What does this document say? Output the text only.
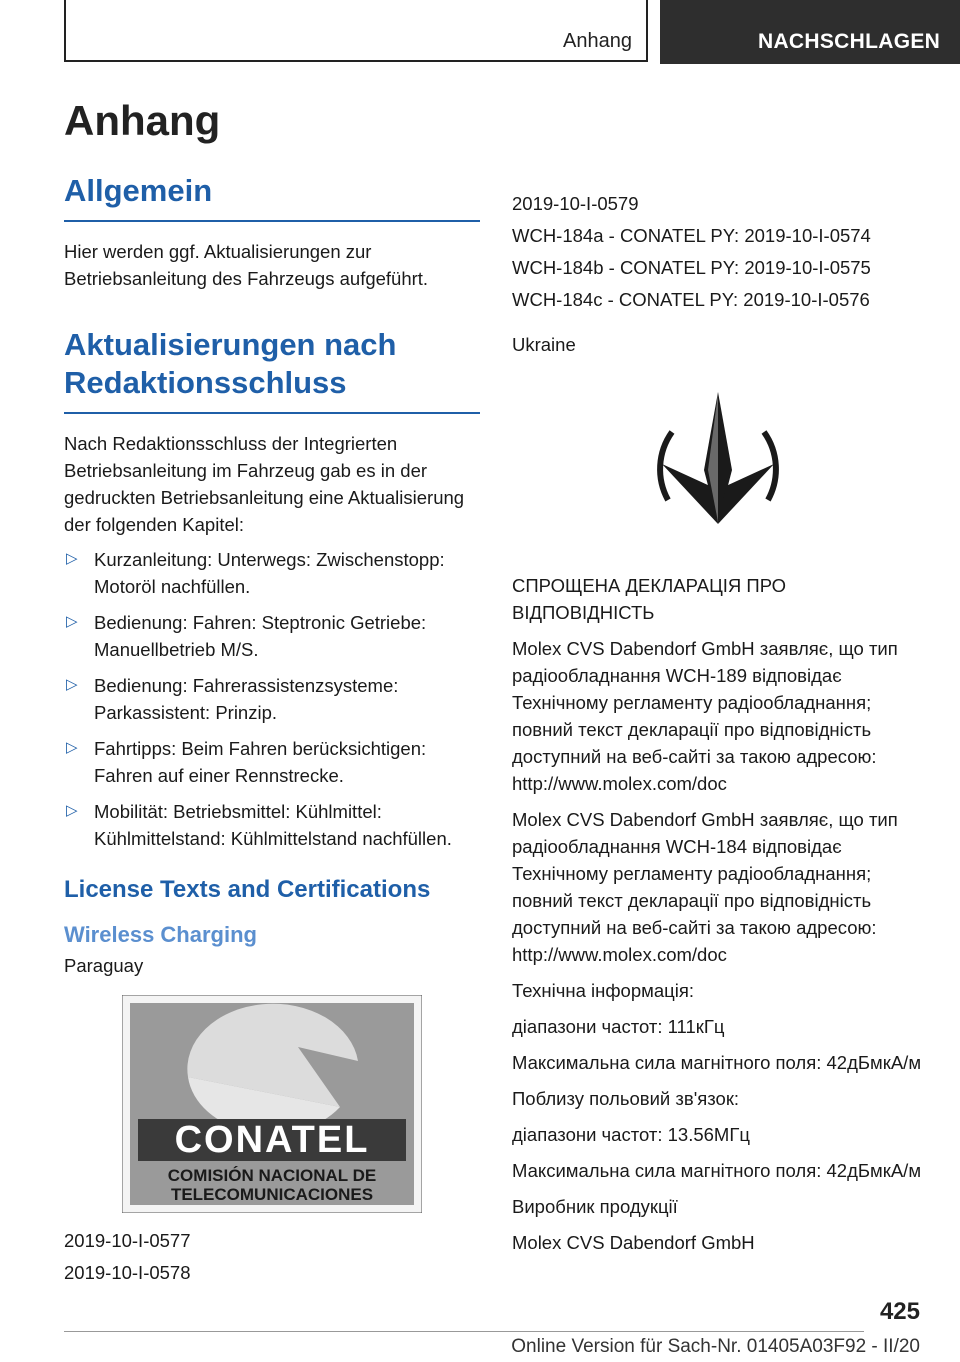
Anhang	NACHSCHLAGEN
Anhang
Allgemein

Hier werden ggf. Aktualisierungen zur Betriebsanleitung des Fahrzeugs aufgeführt.

Aktualisierungen nach Redaktionsschluss

Nach Redaktionsschluss der Integrierten Betriebsanleitung im Fahrzeug gab es in der gedruckten Betriebsanleitung eine Aktualisierung der folgenden Kapitel:

▷ Kurzanleitung: Unterwegs: Zwischenstopp: Motoröl nachfüllen.
▷ Bedienung: Fahren: Steptronic Getriebe: Manuellbetrieb M/S.
▷ Bedienung: Fahrerassistenzsysteme: Parkassistent: Prinzip.
▷ Fahrtipps: Beim Fahren berücksichtigen: Fahren auf einer Rennstrecke.
▷ Mobilität: Betriebsmittel: Kühlmittel: Kühlmittelstand: Kühlmittelstand nachfüllen.
License Texts and Certifications
Wireless Charging

Paraguay

CONATEL
COMISIÓN NACIONAL DE
TELECOMUNICACIONES

2019-10-I-0577

2019-10-I-0578

2019-10-I-0579

WCH-184a - CONATEL PY: 2019-10-I-0574

WCH-184b - CONATEL PY: 2019-10-I-0575

WCH-184c - CONATEL PY: 2019-10-I-0576

Ukraine

СПРОЩЕНА ДЕКЛАРАЦІЯ ПРО ВІДПОВІДНІСТЬ

Molex CVS Dabendorf GmbH заявляє, що тип радіообладнання WCH-189 відповідає Технічному регламенту радіообладнання; повний текст декларації про відповідність доступний на веб-сайті за такою адресою: http://www.molex.com/doc

Molex CVS Dabendorf GmbH заявляє, що тип радіообладнання WCH-184 відповідає Технічному регламенту радіообладнання; повний текст декларації про відповідність доступний на веб-сайті за такою адресою: http://www.molex.com/doc

Технічна інформація:

діапазони частот: 111кГц

Максимальна сила магнітного поля: 42дБмкА/м

Поблизу польовий зв'язок:

діапазони частот: 13.56МГц

Максимальна сила магнітного поля: 42дБмкА/м

Виробник продукції

Molex CVS Dabendorf GmbH

425
Online Version für Sach-Nr. 01405A03F92 - II/20
